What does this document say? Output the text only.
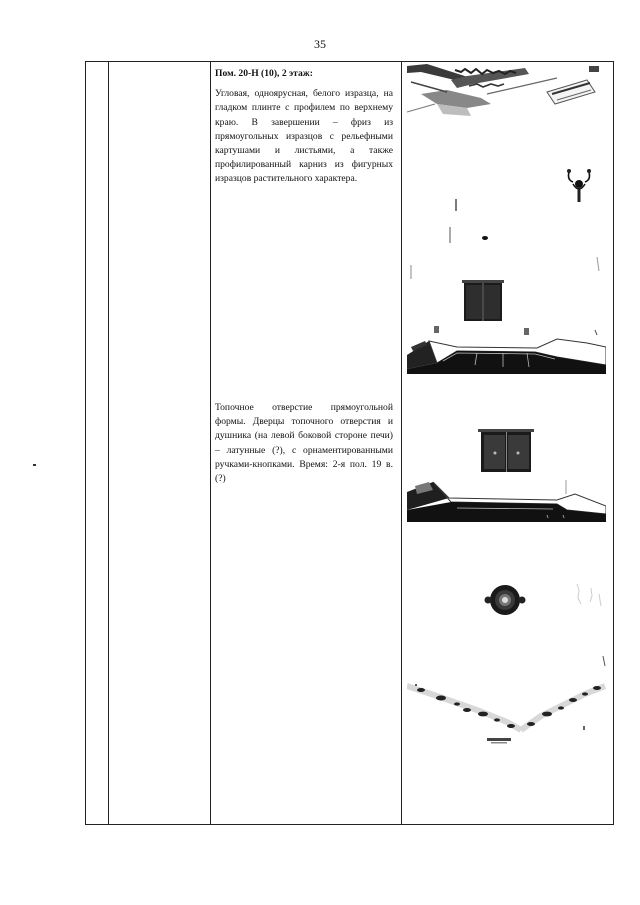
35
Пом. 20-Н (10), 2 этаж:
Угловая, одноярусная, белого изразца, на гладком плинте с профилем по верхнему краю. В завершении – фриз из прямоугольных изразцов с рельефными картушами и листьями, а также профилированный карниз из фигурных изразцов растительного характера.
Топочное отверстие прямоугольной формы. Дверцы топочного отверстия и душника (на левой боковой стороне печи) – латунные (?), с орнаментированными ручками-кнопками. Время: 2-я пол. 19 в. (?)
